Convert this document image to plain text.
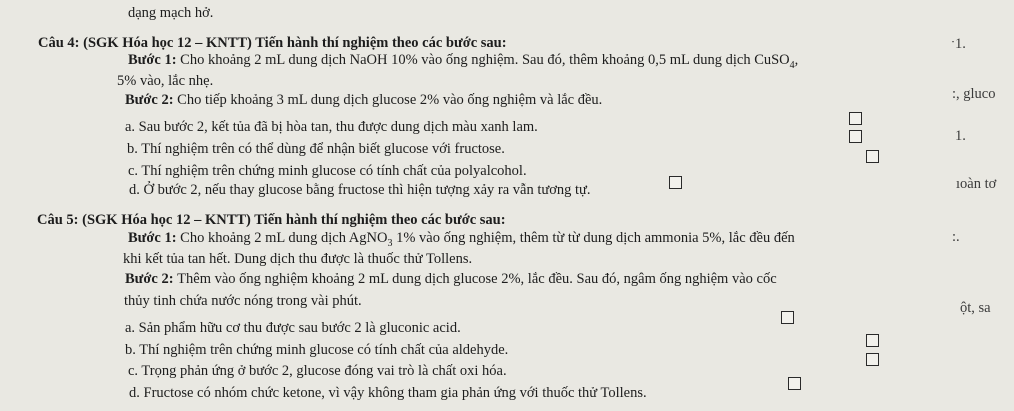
dạng mạch hở.
Câu 4: (SGK Hóa học 12 – KNTT) Tiến hành thí nghiệm theo các bước sau:
Bước 1: Cho khoảng 2 mL dung dịch NaOH 10% vào ống nghiệm. Sau đó, thêm khoảng 0,5 mL dung dịch CuSO$_4$,
5% vào, lắc nhẹ.
Bước 2: Cho tiếp khoảng 3 mL dung dịch glucose 2% vào ống nghiệm và lắc đều.
a. Sau bước 2, kết tủa đã bị hòa tan, thu được dung dịch màu xanh lam.
b. Thí nghiệm trên có thể dùng để nhận biết glucose với fructose.
c. Thí nghiệm trên chứng minh glucose có tính chất của polyalcohol.
d. Ở bước 2, nếu thay glucose bằng fructose thì hiện tượng xảy ra vẫn tương tự.
Câu 5: (SGK Hóa học 12 – KNTT) Tiến hành thí nghiệm theo các bước sau:
Bước 1: Cho khoảng 2 mL dung dịch AgNO$_3$ 1% vào ống nghiệm, thêm từ từ dung dịch ammonia 5%, lắc đều đến
khi kết tủa tan hết. Dung dịch thu được là thuốc thử Tollens.
Bước 2: Thêm vào ống nghiệm khoảng 2 mL dung dịch glucose 2%, lắc đều. Sau đó, ngâm ống nghiệm vào cốc
thủy tinh chứa nước nóng trong vài phút.
a. Sản phẩm hữu cơ thu được sau bước 2 là gluconic acid.
b. Thí nghiệm trên chứng minh glucose có tính chất của aldehyde.
c. Trọng phản ứng ở bước 2, glucose đóng vai trò là chất oxi hóa.
d. Fructose có nhóm chức ketone, vì vậy không tham gia phản ứng với thuốc thử Tollens.
ˑ1.
:, gluco
1.
ıoàn tơ
:.
ột, sa
